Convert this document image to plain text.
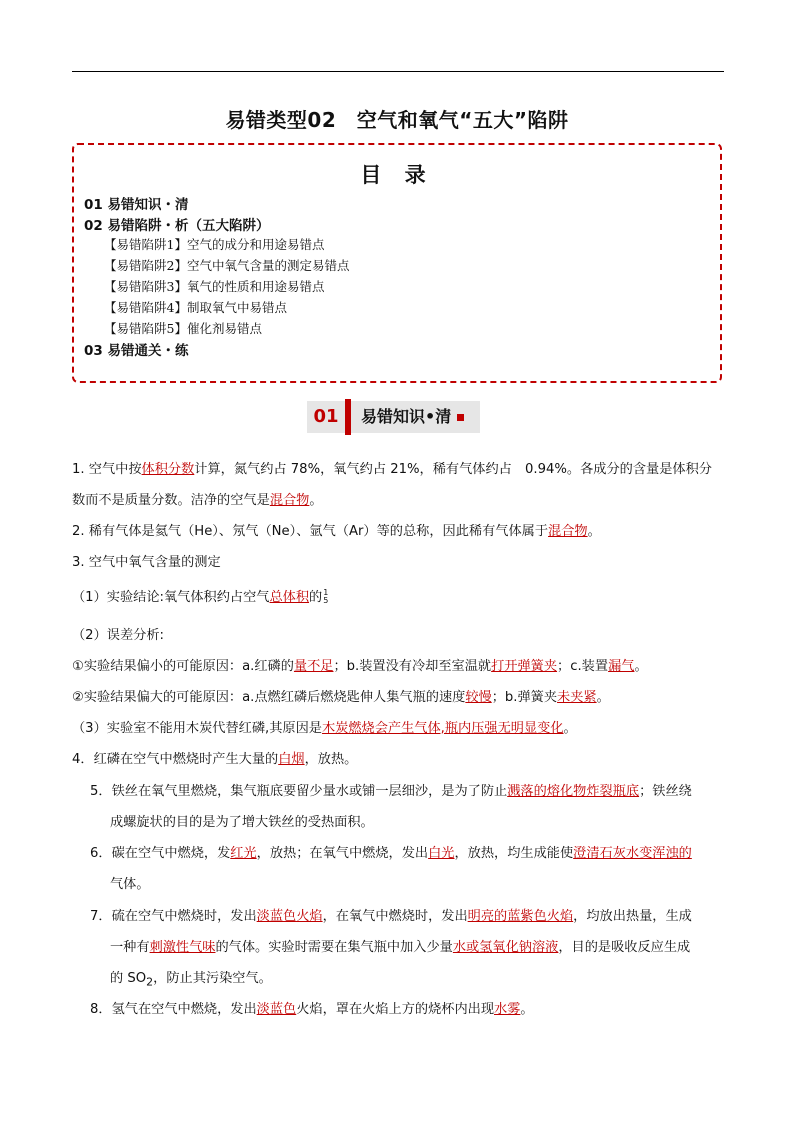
易错类型02　空气和氧气“五大”陷阱
目 录
01 易错知识・清
02 易错陷阱・析（五大陷阱）
【易错陷阱1】空气的成分和用途易错点
【易错陷阱2】空气中氧气含量的测定易错点
【易错陷阱3】氧气的性质和用途易错点
【易错陷阱4】制取氧气中易错点
【易错陷阱5】催化剂易错点
03 易错通关・练
01	易错知识•清
1. 空气中按体积分数计算，氮气约占 78%，氧气约占 21%，稀有气体约占　0.94%。各成分的含量是体积分
数而不是质量分数。洁净的空气是混合物。
2. 稀有气体是氦气（He）、氖气（Ne）、氩气（Ar）等的总称，因此稀有气体属于混合物。
3. 空气中氧气含量的测定
（1）实验结论:氧气体积约占空气总体积的 1
5
（2）误差分析:
①实验结果偏小的可能原因：a.红磷的量不足；b.装置没有冷却至室温就打开弹簧夹；c.装置漏气。
②实验结果偏大的可能原因：a.点燃红磷后燃烧匙伸人集气瓶的速度较慢；b.弹簧夹未夹紧。
（3）实验室不能用木炭代替红磷,其原因是木炭燃烧会产生气体,瓶内压强无明显变化。
4．红磷在空气中燃烧时产生大量的白烟，放热。
5．铁丝在氧气里燃烧，集气瓶底要留少量水或铺一层细沙，是为了防止溅落的熔化物炸裂瓶底；铁丝绕
成螺旋状的目的是为了增大铁丝的受热面积。
6．碳在空气中燃烧，发红光，放热；在氧气中燃烧，发出白光，放热，均生成能使澄清石灰水变浑浊的
气体。
7．硫在空气中燃烧时，发出淡蓝色火焰，在氧气中燃烧时，发出明亮的蓝紫色火焰，均放出热量，生成
一种有刺激性气味的气体。实验时需要在集气瓶中加入少量水或氢氧化钠溶液，目的是吸收反应生成
的 $SO_2$，防止其污染空气。
8．氢气在空气中燃烧，发出淡蓝色火焰，罩在火焰上方的烧杯内出现水雾。
